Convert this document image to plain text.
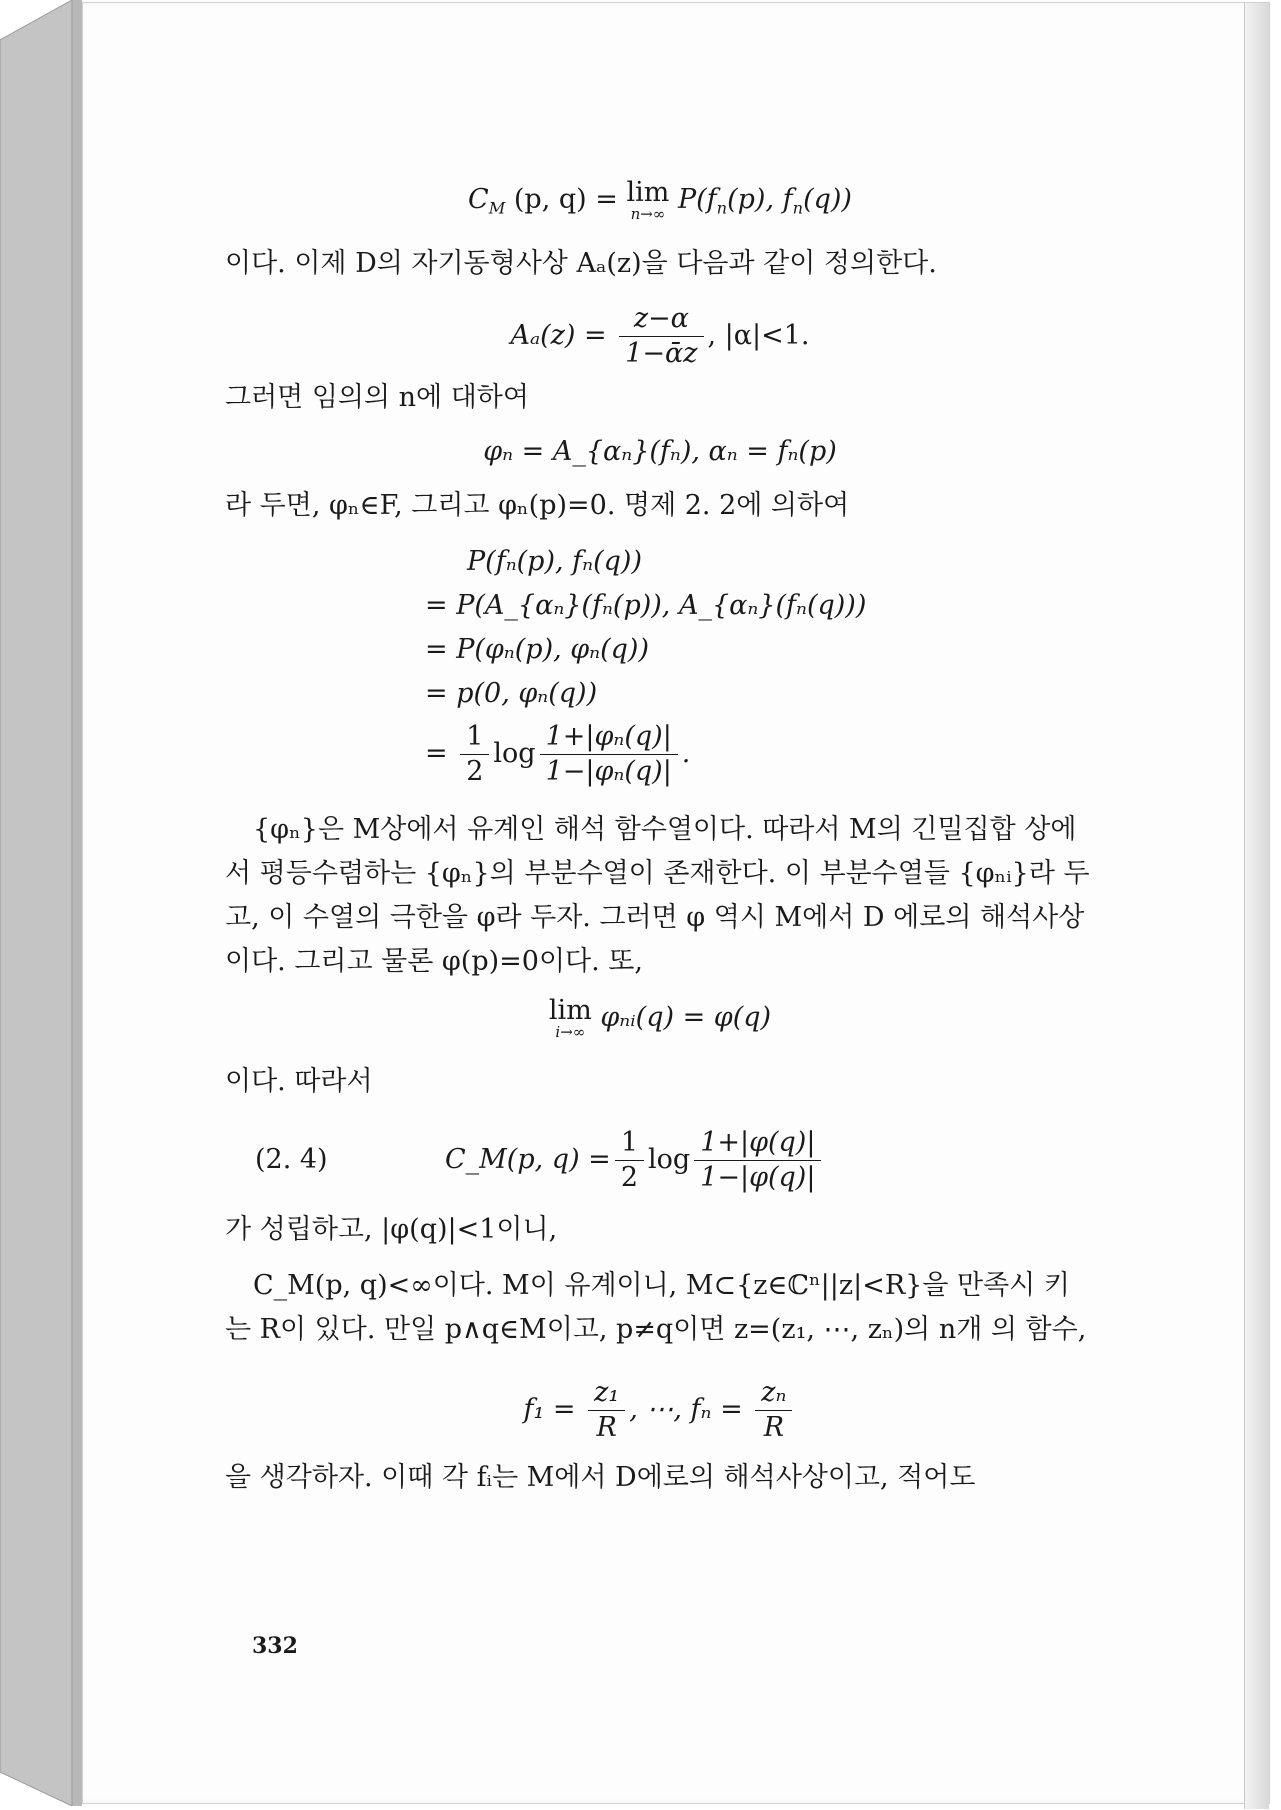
$C_M$ (p, q) = lim
n→∞ $P(f_n(p)$, $f_n(q)$)
이다. 이제 D의 자기동형사상 Aₐ(z)을 다음과 같이 정의한다.
$A_a(z) = \frac{z-\alpha}{\text{1−ᾱz}}$ , |α|<1.
그러면 임의의 n에 대하여
φₙ = A_{αₙ}(fₙ), αₙ = fₙ(p)
라 두면, φₙ∈F, 그리고 φₙ(p)=0. 명제 2. 2에 의하여
P(fₙ(p), fₙ(q))
= P(A_{αₙ}(fₙ(p)), A_{αₙ}(fₙ(q)))
= P(φₙ(p), φₙ(q))
= p(0, φₙ(q))
= $\frac{1}{2}$ $\log \frac{\text{1+|φₙ(q)|}}{\text{1−|φₙ(q)|}}$ .
{φₙ}은 M상에서 유계인 해석 함수열이다. 따라서 M의 긴밀집합 상에서 평등수렴하는 {φₙ}의 부분수열이 존재한다. 이 부분수열들 {φₙᵢ}라 두고, 이 수열의 극한을 φ라 두자. 그러면 φ 역시 M에서 D 에로의 해석사상이다. 그리고 물론 φ(p)=0이다. 또,
lim
i→∞ φₙᵢ(q) = φ(q)
이다. 따라서
(2. 4)	C_M(p, $q) = \frac{1}{2}$ $\log \frac{1+|\varphi(q)|}{1-|\varphi(q)|}$
가 성립하고, |φ(q)|<1이니,
C_M(p, q)<∞이다. M이 유계이니, M⊂{z∈ℂⁿ||z|<R}을 만족시 키는 R이 있다. 만일 p∧q∈M이고, p≠q이면 z=(z₁, ⋯, zₙ)의 n개 의 함수,
$f_1 = \frac{\text{z₁}}{R}$ , ⋯, $f_n = \frac{\text{zₙ}}{R}$
을 생각하자. 이때 각 fᵢ는 M에서 D에로의 해석사상이고, 적어도
332
